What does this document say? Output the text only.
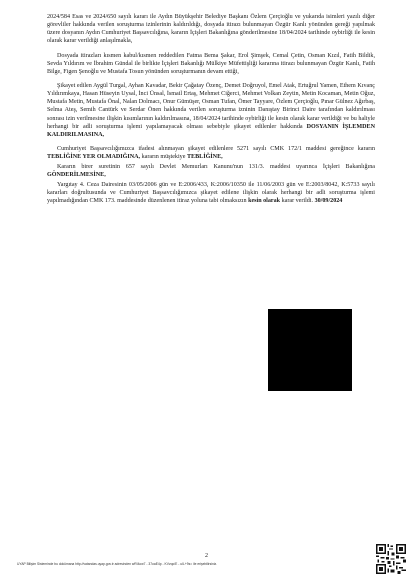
2024/584 Esas ve 2024/650 sayılı kararı ile Aydın Büyükşehir Belediye Başkanı Özlem Çerçioğlu ve yukarıda isimleri yazılı diğer görevliler hakkında verilen soruşturma izinlerinin kaldırıldığı, dosyada itirazı bulunmayan Özgür Kanlı yönünden gereği yapılmak üzere dosyanın Aydın Cumhuriyet Başsavcılığına, kararın İçişleri Bakanlığına gönderilmesine 18/04/2024 tarihinde oybirliği ile kesin olarak karar verildiği anlaşılmakla,

Dosyada itirazları kısmen kabul/kısmen reddedilen Fatma Bema Şakar, Erol Şimşek, Cemal Çetin, Osman Kızıl, Fatih Bildik, Sevda Yıldırım ve İbrahim Gündal ile birlikte İçişleri Bakanlığı Mülkiye Müfettişliği kararına itirazı bulunmayan Özgür Kanlı, Fatih Bilge, Figen Şenoğlu ve Mustafa Tosun yönünden soruşturmanın devam ettiği,

Şikayet edilen Aygül Turgal, Ayhan Kavadar, Bekir Çağatay Özenç, Demet Doğruyol, Emel Atak, Ertuğrul Yamen, Ethem Kıvanç Yıldırımkaya, Hasan Hüseyin Uysal, İnci Ünsal, İsmail Ertaş, Mehmet Ciğerci, Mehmet Volkan Zeytin, Metin Kocaman, Metin Oğuz, Mustafa Metin, Mustafa Önal, Nalan Dolmacı, Onur Gümüşer, Osman Tufan, Ömer Tayyare, Özlem Çerçioğlu, Pınar Gülnez Ağırbaş, Selma Ateş, Semih Cantürk ve Serdar Önen hakkında verilen soruşturma izninin Danıştay Birinci Daire tarafından kaldırılması sonrası izin verilmesine ilişkin kısımlarının kaldırılmasına, 18/04/2024 tarihinde oybirliği ile kesin olarak karar verildiği ve bu haliyle herhangi bir adli soruşturma işlemi yapılamayacak olması sebebiyle şikayet edilenler hakkında DOSYANIN İŞLEMDEN KALDIRILMASINA,

Cumhuriyet Başsavcılığımızca ifadesi alınmayan şikayet edilenlere 5271 sayılı CMK 172/1 maddesi gereğince kararın TEBLİĞİNE YER OLMADIĞINA, kararın müştekiye TEBLİĞİNE,

Kararın birer suretinin 657 sayılı Devlet Memurları Kanunu'nun 131/3. maddesi uyarınca İçişleri Bakanlığına GÖNDERİLMESİNE,

Yargıtay 4. Ceza Dairesinin 03/05/2006 gün ve E:2006/433, K:2006/10350 ile 11/06/2003 gün ve E:2003/8042, K:5733 sayılı kararları doğrultusunda ve Cumhuriyet Başsavcılığımızca şikayet edilene ilişkin olarak herhangi bir adli soruşturma işlemi yapılmadığından CMK 173. maddesinde düzenlenen itiraz yoluna tabi olmaksızın kesin olarak karar verildi. 30/09/2024

2
UYAP Bilişim Sisteminde bu dokümana http://vatandas.uyap.gov.tr adresinden wRI4ow7 - 37oaE4p - KVvqo/E - uIL+9s= ile erişebilirsiniz.
